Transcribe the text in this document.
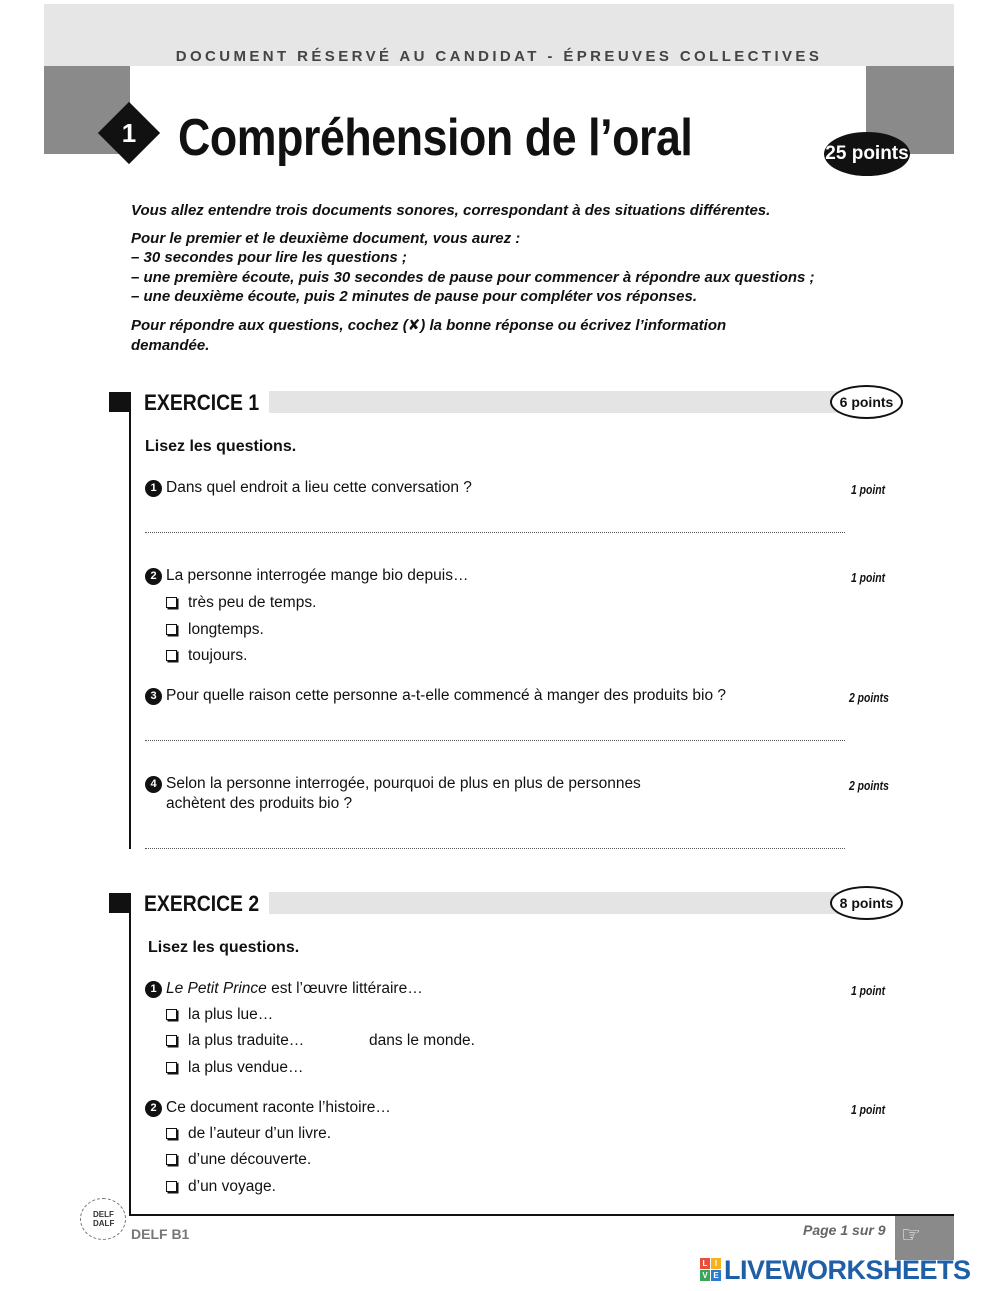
DOCUMENT RÉSERVÉ AU CANDIDAT - ÉPREUVES COLLECTIVES
1 Compréhension de l’oral	25 points
Vous allez entendre trois documents sonores, correspondant à des situations différentes.
Pour le premier et le deuxième document, vous aurez :
– 30 secondes pour lire les questions ;
– une première écoute, puis 30 secondes de pause pour commencer à répondre aux questions ;
– une deuxième écoute, puis 2 minutes de pause pour compléter vos réponses.
Pour répondre aux questions, cochez (✘) la bonne réponse ou écrivez l’information
demandée.
EXERCICE 1	6 points
Lisez les questions.
1 Dans quel endroit a lieu cette conversation ?	1 point
2 La personne interrogée mange bio depuis…	1 point
très peu de temps.
longtemps.
toujours.
3 Pour quelle raison cette personne a-t-elle commencé à manger des produits bio ?	2 points
4 Selon la personne interrogée, pourquoi de plus en plus de personnes
achètent des produits bio ?
2 points
EXERCICE 2	8 points
Lisez les questions.
1 Le Petit Prince est l’œuvre littéraire…	1 point
la plus lue…
la plus traduite…	dans le monde.
la plus vendue…
2 Ce document raconte l’histoire…	1 point
de l’auteur d’un livre.
d’une découverte.
d’un voyage.
DELF
DALF
DELF B1	Page 1 sur 9 ☞
L I
V E LIVEWORKSHEETS
